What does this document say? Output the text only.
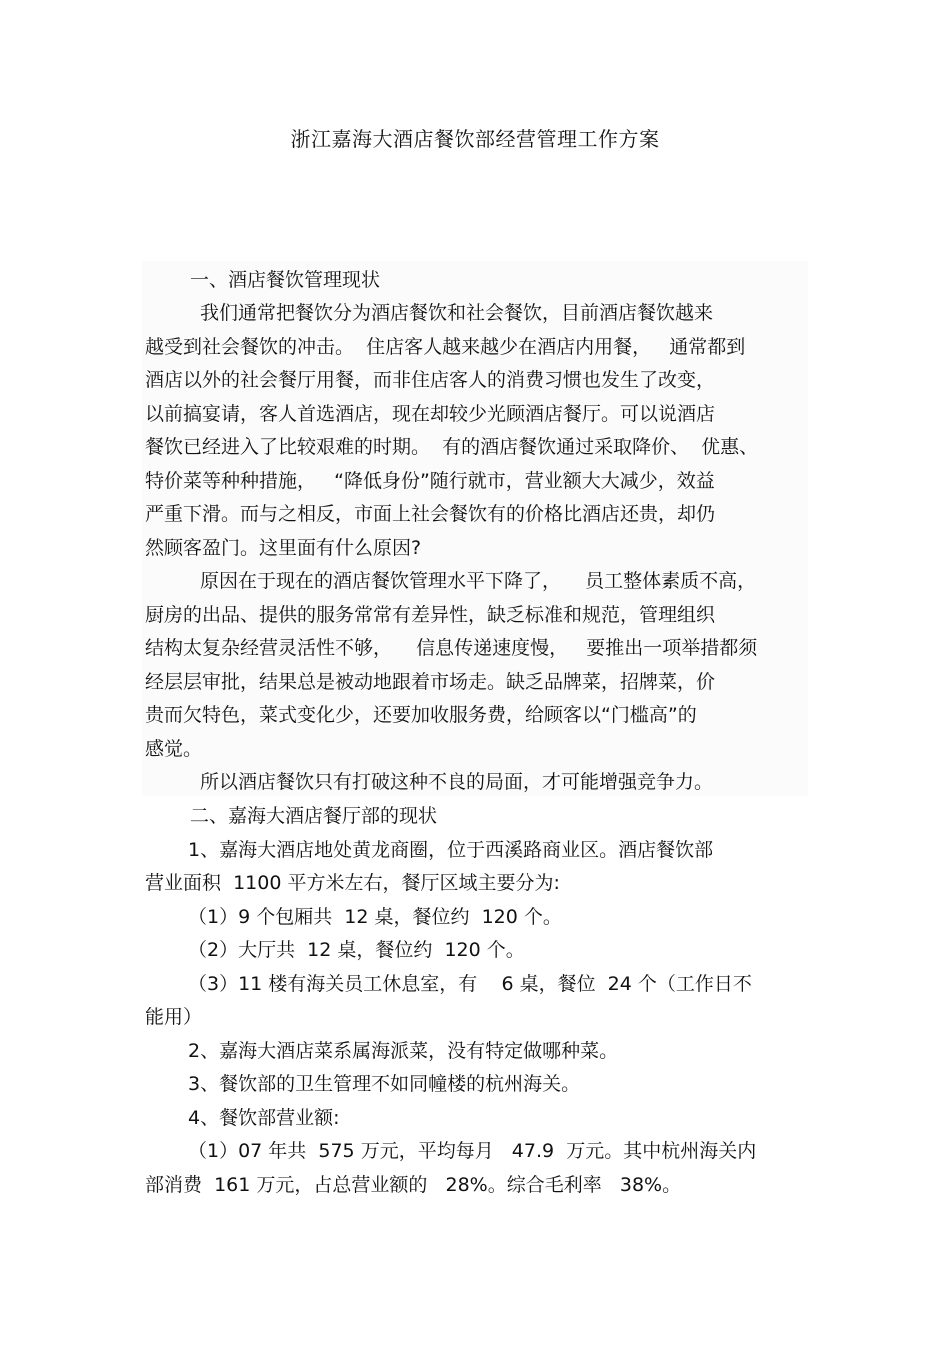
浙江嘉海大酒店餐饮部经营管理工作方案
一、酒店餐饮管理现状
我们通常把餐饮分为酒店餐饮和社会餐饮，目前酒店餐饮越来
越受到社会餐饮的冲击。  住店客人越来越少在酒店内用餐，   通常都到
酒店以外的社会餐厅用餐，而非住店客人的消费习惯也发生了改变，
以前搞宴请，客人首选酒店，现在却较少光顾酒店餐厅。可以说酒店
餐饮已经进入了比较艰难的时期。  有的酒店餐饮通过采取降价、  优惠、
特价菜等种种措施，   “降低身份”随行就市，营业额大大减少，效益
严重下滑。而与之相反，市面上社会餐饮有的价格比酒店还贵，却仍
然顾客盈门。这里面有什么原因?
原因在于现在的酒店餐饮管理水平下降了，    员工整体素质不高，
厨房的出品、提供的服务常常有差异性，缺乏标准和规范，管理组织
结构太复杂经营灵活性不够，    信息传递速度慢，   要推出一项举措都须
经层层审批，结果总是被动地跟着市场走。缺乏品牌菜，招牌菜，价
贵而欠特色，菜式变化少，还要加收服务费，给顾客以“门槛高”的
感觉。
所以酒店餐饮只有打破这种不良的局面，才可能增强竞争力。
二、嘉海大酒店餐厅部的现状
1、嘉海大酒店地处黄龙商圈，位于西溪路商业区。酒店餐饮部
营业面积  1100 平方米左右，餐厅区域主要分为:
（1）9 个包厢共  12 桌，餐位约  120 个。
（2）大厅共  12 桌，餐位约  120 个。
（3）11 楼有海关员工休息室，有    6 桌，餐位  24 个（工作日不
能用）
2、嘉海大酒店菜系属海派菜，没有特定做哪种菜。
3、餐饮部的卫生管理不如同幢楼的杭州海关。
4、餐饮部营业额:
（1）07 年共  575 万元，平均每月   47.9  万元。其中杭州海关内
部消费  161 万元，占总营业额的   28%。综合毛利率   38%。
